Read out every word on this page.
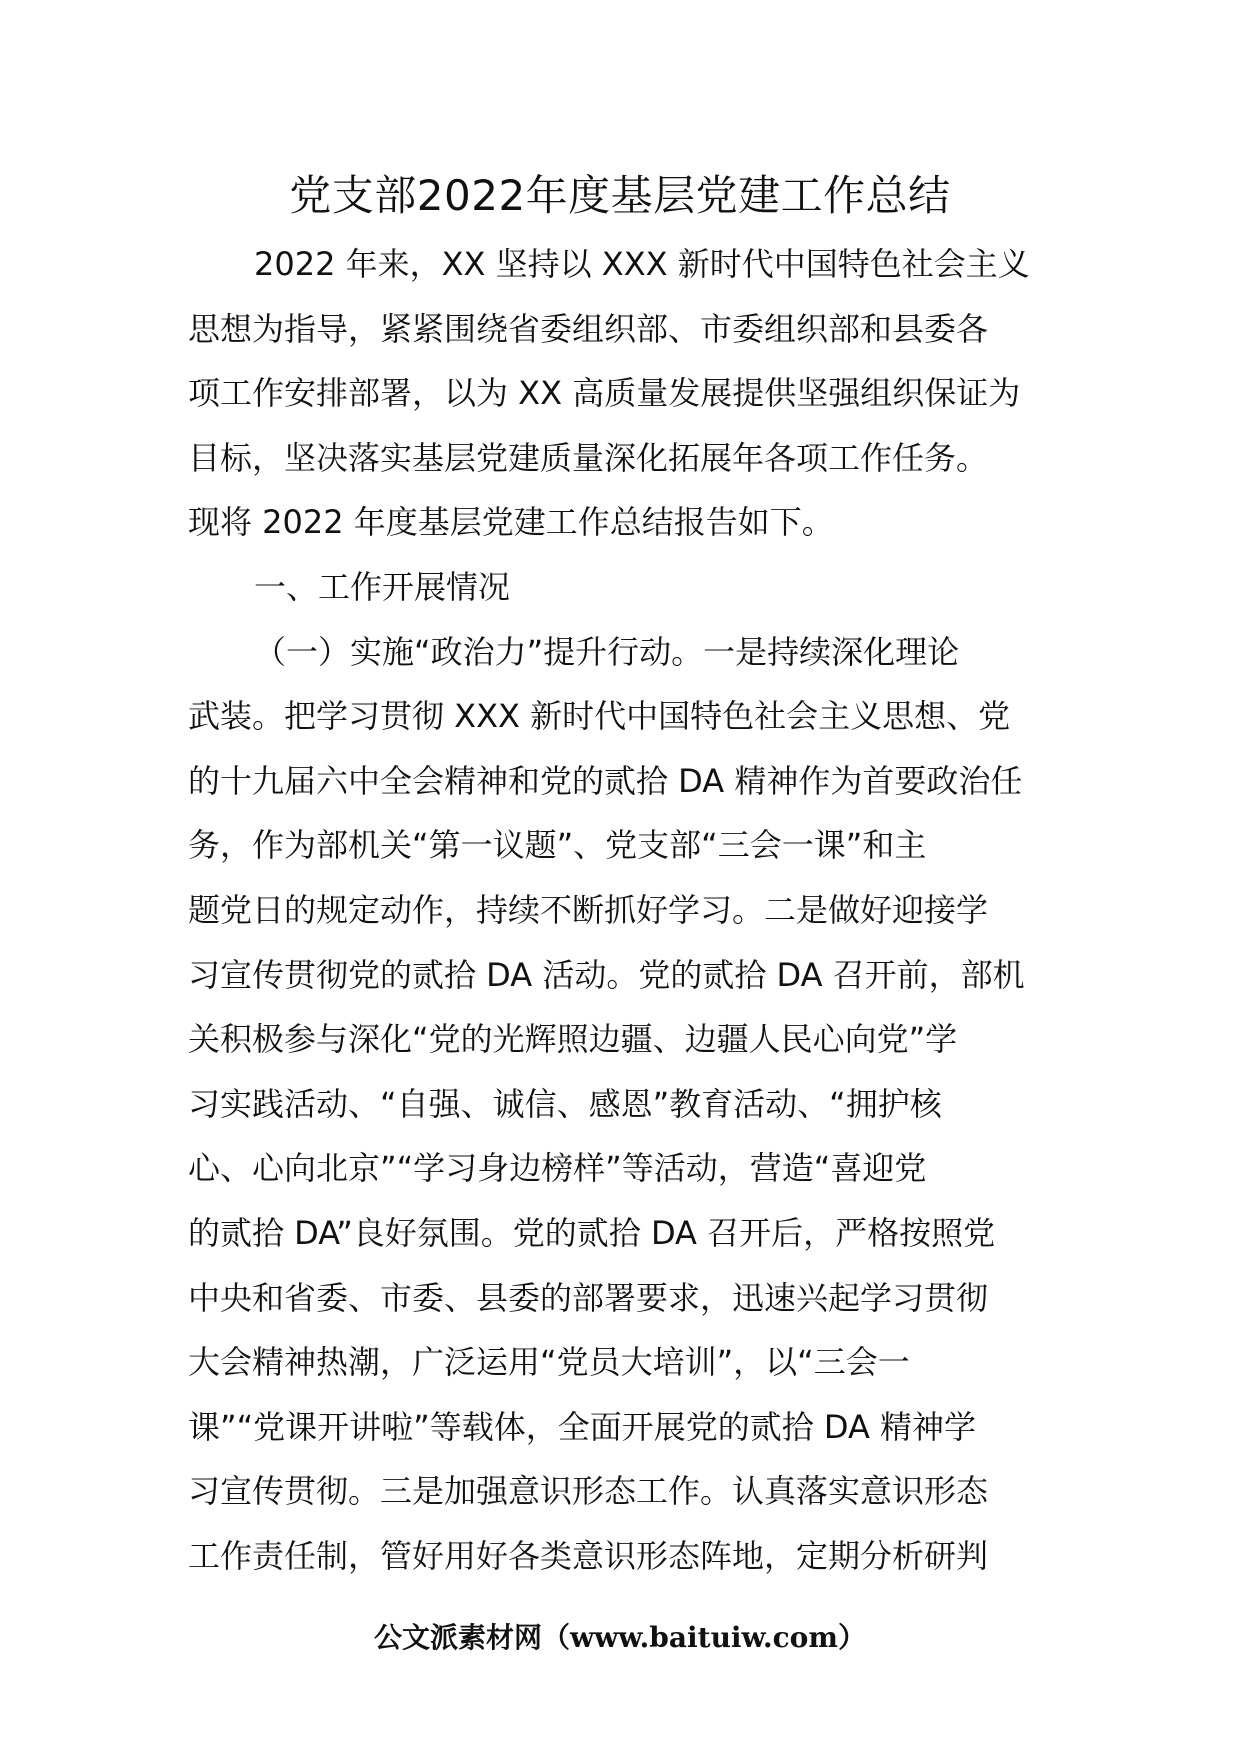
党支部2022年度基层党建工作总结
2022 年来，XX 坚持以 XXX 新时代中国特色社会主义
思想为指导，紧紧围绕省委组织部、市委组织部和县委各
项工作安排部署，以为 XX 高质量发展提供坚强组织保证为
目标，坚决落实基层党建质量深化拓展年各项工作任务。
现将 2022 年度基层党建工作总结报告如下。
一、工作开展情况
（一）实施“政治力”提升行动。一是持续深化理论
武装。把学习贯彻 XXX 新时代中国特色社会主义思想、党
的十九届六中全会精神和党的贰拾 DA 精神作为首要政治任
务，作为部机关“第一议题”、党支部“三会一课”和主
题党日的规定动作，持续不断抓好学习。二是做好迎接学
习宣传贯彻党的贰拾 DA 活动。党的贰拾 DA 召开前，部机
关积极参与深化“党的光辉照边疆、边疆人民心向党”学
习实践活动、“自强、诚信、感恩”教育活动、“拥护核
心、心向北京”“学习身边榜样”等活动，营造“喜迎党
的贰拾 DA”良好氛围。党的贰拾 DA 召开后，严格按照党
中央和省委、市委、县委的部署要求，迅速兴起学习贯彻
大会精神热潮，广泛运用“党员大培训”，以“三会一
课”“党课开讲啦”等载体，全面开展党的贰拾 DA 精神学
习宣传贯彻。三是加强意识形态工作。认真落实意识形态
工作责任制，管好用好各类意识形态阵地，定期分析研判
公文派素材网（www.baituiw.com）
